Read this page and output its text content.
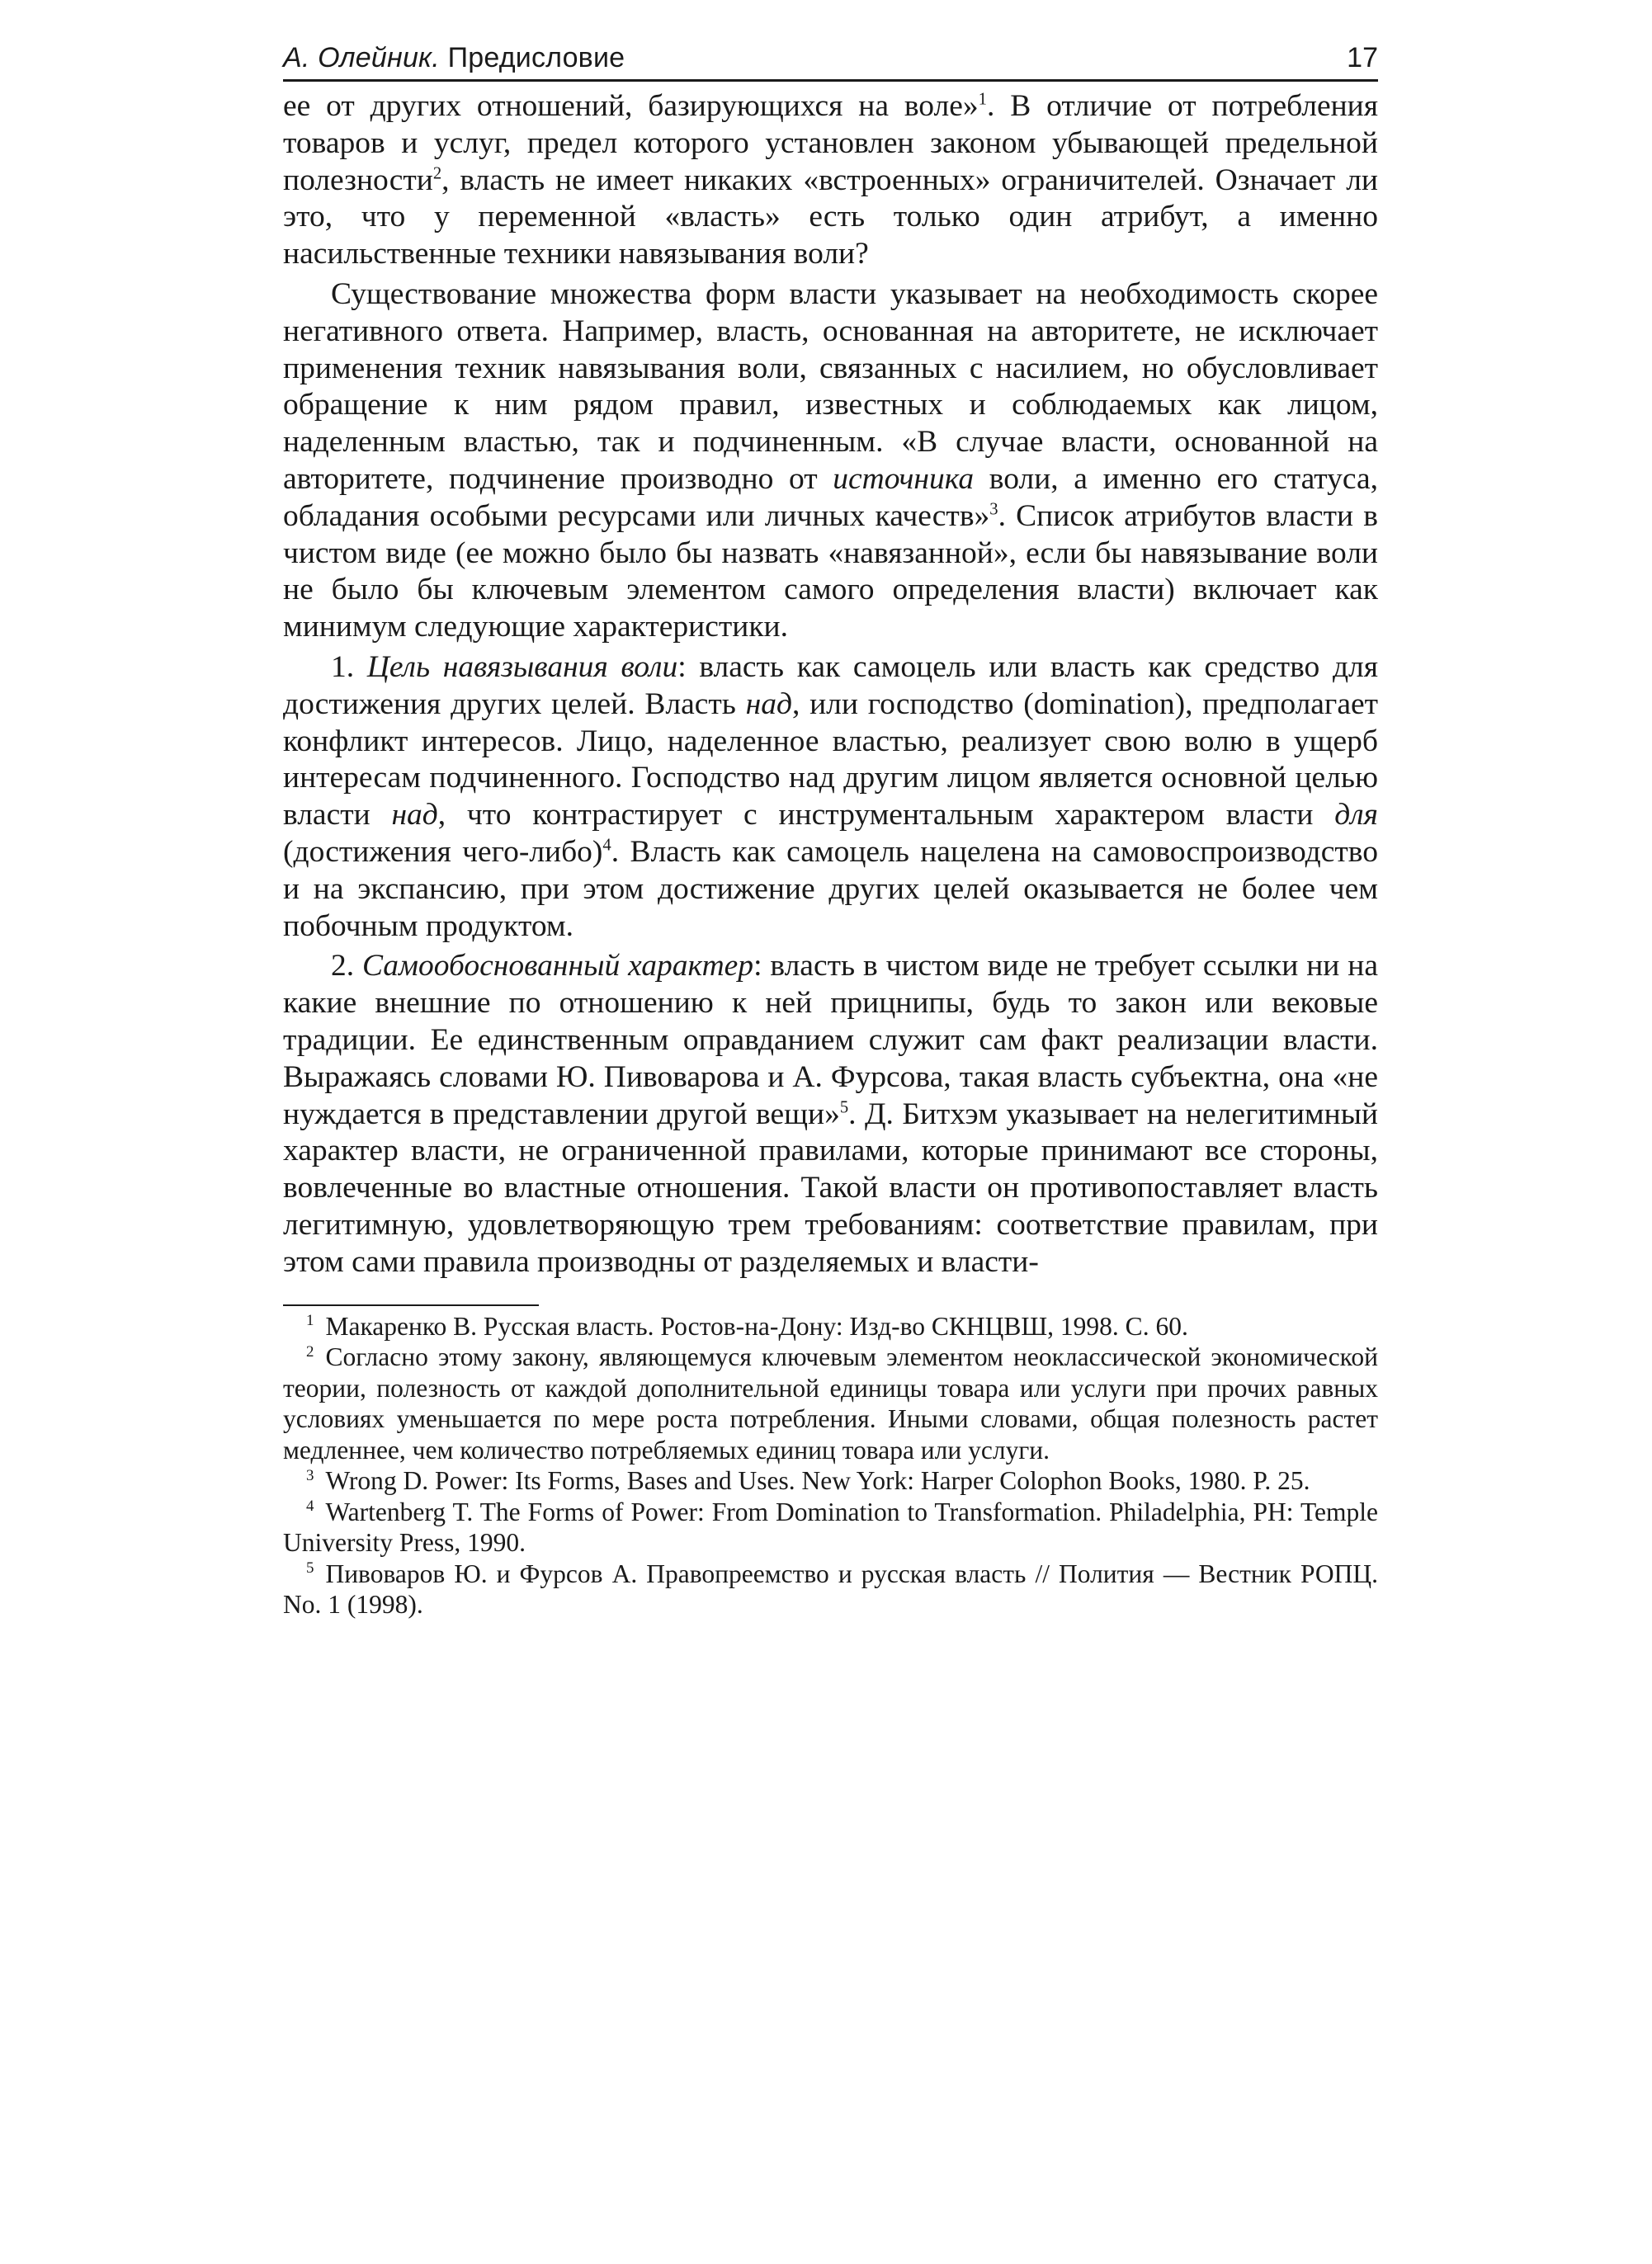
А. Олейник. Предисловие	17

ее от других отношений, базирующихся на воле»$^1$. В отличие от потребления товаров и услуг, предел которого установлен законом убывающей предельной полезности$^2$, власть не имеет никаких «встроенных» ограничителей. Означает ли это, что у переменной «власть» есть только один атрибут, а именно насильственные техники навязывания воли?

Существование множества форм власти указывает на необходимость скорее негативного ответа. Например, власть, основанная на авторитете, не исключает применения техник навязывания воли, связанных с насилием, но обусловливает обращение к ним рядом правил, известных и соблюдаемых как лицом, наделенным властью, так и подчиненным. «В случае власти, основанной на авторитете, подчинение производно от источника воли, а именно его статуса, обладания особыми ресурсами или личных качеств»$^3$. Список атрибутов власти в чистом виде (ее можно было бы назвать «навязанной», если бы навязывание воли не было бы ключевым элементом самого определения власти) включает как минимум следующие характеристики.

1. Цель навязывания воли: власть как самоцель или власть как средство для достижения других целей. Власть над, или господство (domination), предполагает конфликт интересов. Лицо, наделенное властью, реализует свою волю в ущерб интересам подчиненного. Господство над другим лицом является основной целью власти над, что контрастирует с инструментальным характером власти для (достижения чего-либо)$^4$. Власть как самоцель нацелена на самовоспроизводство и на экспансию, при этом достижение других целей оказывается не более чем побочным продуктом.

2. Самообоснованный характер: власть в чистом виде не требует ссылки ни на какие внешние по отношению к ней прицнипы, будь то закон или вековые традиции. Ее единственным оправданием служит сам факт реализации власти. Выражаясь словами Ю. Пивоварова и А. Фурсова, такая власть субъектна, она «не нуждается в представлении другой вещи»$^5$. Д. Битхэм указывает на нелегитимный характер власти, не ограниченной правилами, которые принимают все стороны, вовлеченные во властные отношения. Такой власти он противопоставляет власть легитимную, удовлетворяющую трем требованиям: соответствие правилам, при этом сами правила производны от разделяемых и власти-

$^1$ Макаренко В. Русская власть. Ростов-на-Дону: Изд-во СКНЦВШ, 1998. С. 60.

$^2$ Согласно этому закону, являющемуся ключевым элементом неоклассической экономической теории, полезность от каждой дополнительной единицы товара или услуги при прочих равных условиях уменьшается по мере роста потребления. Иными словами, общая полезность растет медленнее, чем количество потребляемых единиц товара или услуги.

$^3$ Wrong D. Power: Its Forms, Bases and Uses. New York: Harper Colophon Books, 1980. P. 25.

$^4$ Wartenberg T. The Forms of Power: From Domination to Transformation. Philadelphia, PH: Temple University Press, 1990.

$^5$ Пивоваров Ю. и Фурсов А. Правопреемство и русская власть // Полития — Вестник РОПЦ. No. 1 (1998).
